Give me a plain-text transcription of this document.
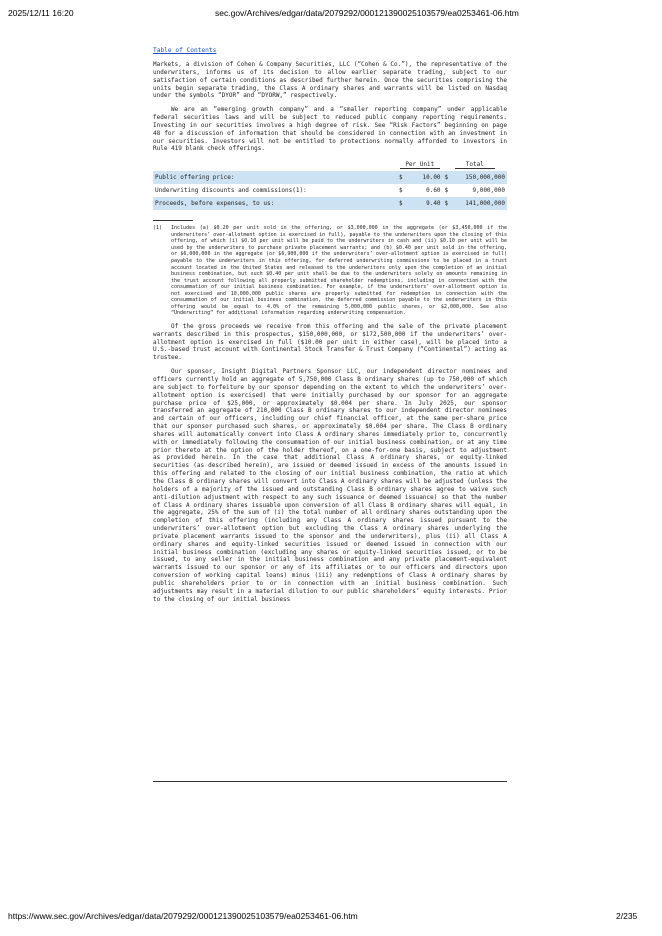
2025/12/11 16:20	sec.gov/Archives/edgar/data/2079292/000121390025103579/ea0253461-06.htm
Table of Contents

Markets, a division of Cohen & Company Securities, LLC (“Cohen & Co.”), the representative of the underwriters, informs us of its decision to allow earlier separate trading, subject to our satisfaction of certain conditions as described further herein. Once the securities comprising the units begin separate trading, the Class A ordinary shares and warrants will be listed on Nasdaq under the symbols “DYOR” and “DYORW,” respectively.

We are an “emerging growth company” and a “smaller reporting company” under applicable federal securities laws and will be subject to reduced public company reporting requirements. Investing in our securities involves a high degree of risk. See “Risk Factors” beginning on page 48 for a discussion of information that should be considered in connection with an investment in our securities. Investors will not be entitled to protections normally afforded to investors in Rule 419 blank check offerings.

	Per Unit		Total	
Public offering price:	$	10.00	$	150,000,000
Underwriting discounts and commissions(1):	$	0.60	$	9,000,000
Proceeds, before expenses, to us:	$	9.40	$	141,000,000
(1)	Includes (a) $0.20 per unit sold in the offering, or $3,000,000 in the aggregate (or $3,450,000 if the underwriters’ over-allotment option is exercised in full), payable to the underwriters upon the closing of this offering, of which (i) $0.10 per unit will be paid to the underwriters in cash and (ii) $0.10 per unit will be used by the underwriters to purchase private placement warrants; and (b) $0.40 per unit sold in the offering, or $6,000,000 in the aggregate (or $6,900,000 if the underwriters’ over-allotment option is exercised in full) payable to the underwriters in this offering, for deferred underwriting commissions to be placed in a trust account located in the United States and released to the underwriters only upon the completion of an initial business combination, but such $0.40 per unit shall be due to the underwriters solely on amounts remaining in the trust account following all properly submitted shareholder redemptions, including in connection with the consummation of our initial business combination. For example, if the underwriters’ over-allotment option is not exercised and 10,000,000 public shares are properly submitted for redemption in connection with the consummation of our initial business combination, the deferred commission payable to the underwriters in this offering would be equal to 4.0% of the remaining 5,000,000 public shares, or $2,000,000. See also “Underwriting” for additional information regarding underwriting compensation.

Of the gross proceeds we receive from this offering and the sale of the private placement warrants described in this prospectus, $150,000,000, or $172,500,000 if the underwriters’ over-allotment option is exercised in full ($10.00 per unit in either case), will be placed into a U.S.-based trust account with Continental Stock Transfer & Trust Company (“Continental”) acting as trustee.

Our sponsor, Insight Digital Partners Sponsor LLC, our independent director nominees and officers currently hold an aggregate of 5,750,000 Class B ordinary shares (up to 750,000 of which are subject to forfeiture by our sponsor depending on the extent to which the underwriters’ over-allotment option is exercised) that were initially purchased by our sponsor for an aggregate purchase price of $25,000, or approximately $0.004 per share. In July 2025, our sponsor transferred an aggregate of 210,000 Class B ordinary shares to our independent director nominees and certain of our officers, including our chief financial officer, at the same per-share price that our sponsor purchased such shares, or approximately $0.004 per share. The Class B ordinary shares will automatically convert into Class A ordinary shares immediately prior to, concurrently with or immediately following the consummation of our initial business combination, or at any time prior thereto at the option of the holder thereof, on a one-for-one basis, subject to adjustment as provided herein. In the case that additional Class A ordinary shares, or equity-linked securities (as described herein), are issued or deemed issued in excess of the amounts issued in this offering and related to the closing of our initial business combination, the ratio at which the Class B ordinary shares will convert into Class A ordinary shares will be adjusted (unless the holders of a majority of the issued and outstanding Class B ordinary shares agree to waive such anti-dilution adjustment with respect to any such issuance or deemed issuance) so that the number of Class A ordinary shares issuable upon conversion of all Class B ordinary shares will equal, in the aggregate, 25% of the sum of (i) the total number of all ordinary shares outstanding upon the completion of this offering (including any Class A ordinary shares issued pursuant to the underwriters’ over-allotment option but excluding the Class A ordinary shares underlying the private placement warrants issued to the sponsor and the underwriters), plus (ii) all Class A ordinary shares and equity-linked securities issued or deemed issued in connection with our initial business combination (excluding any shares or equity-linked securities issued, or to be issued, to any seller in the initial business combination and any private placement-equivalent warrants issued to our sponsor or any of its affiliates or to our officers and directors upon conversion of working capital loans) minus (iii) any redemptions of Class A ordinary shares by public shareholders prior to or in connection with an initial business combination. Such adjustments may result in a material dilution to our public shareholders’ equity interests. Prior to the closing of our initial business

https://www.sec.gov/Archives/edgar/data/2079292/000121390025103579/ea0253461-06.htm	2/235
